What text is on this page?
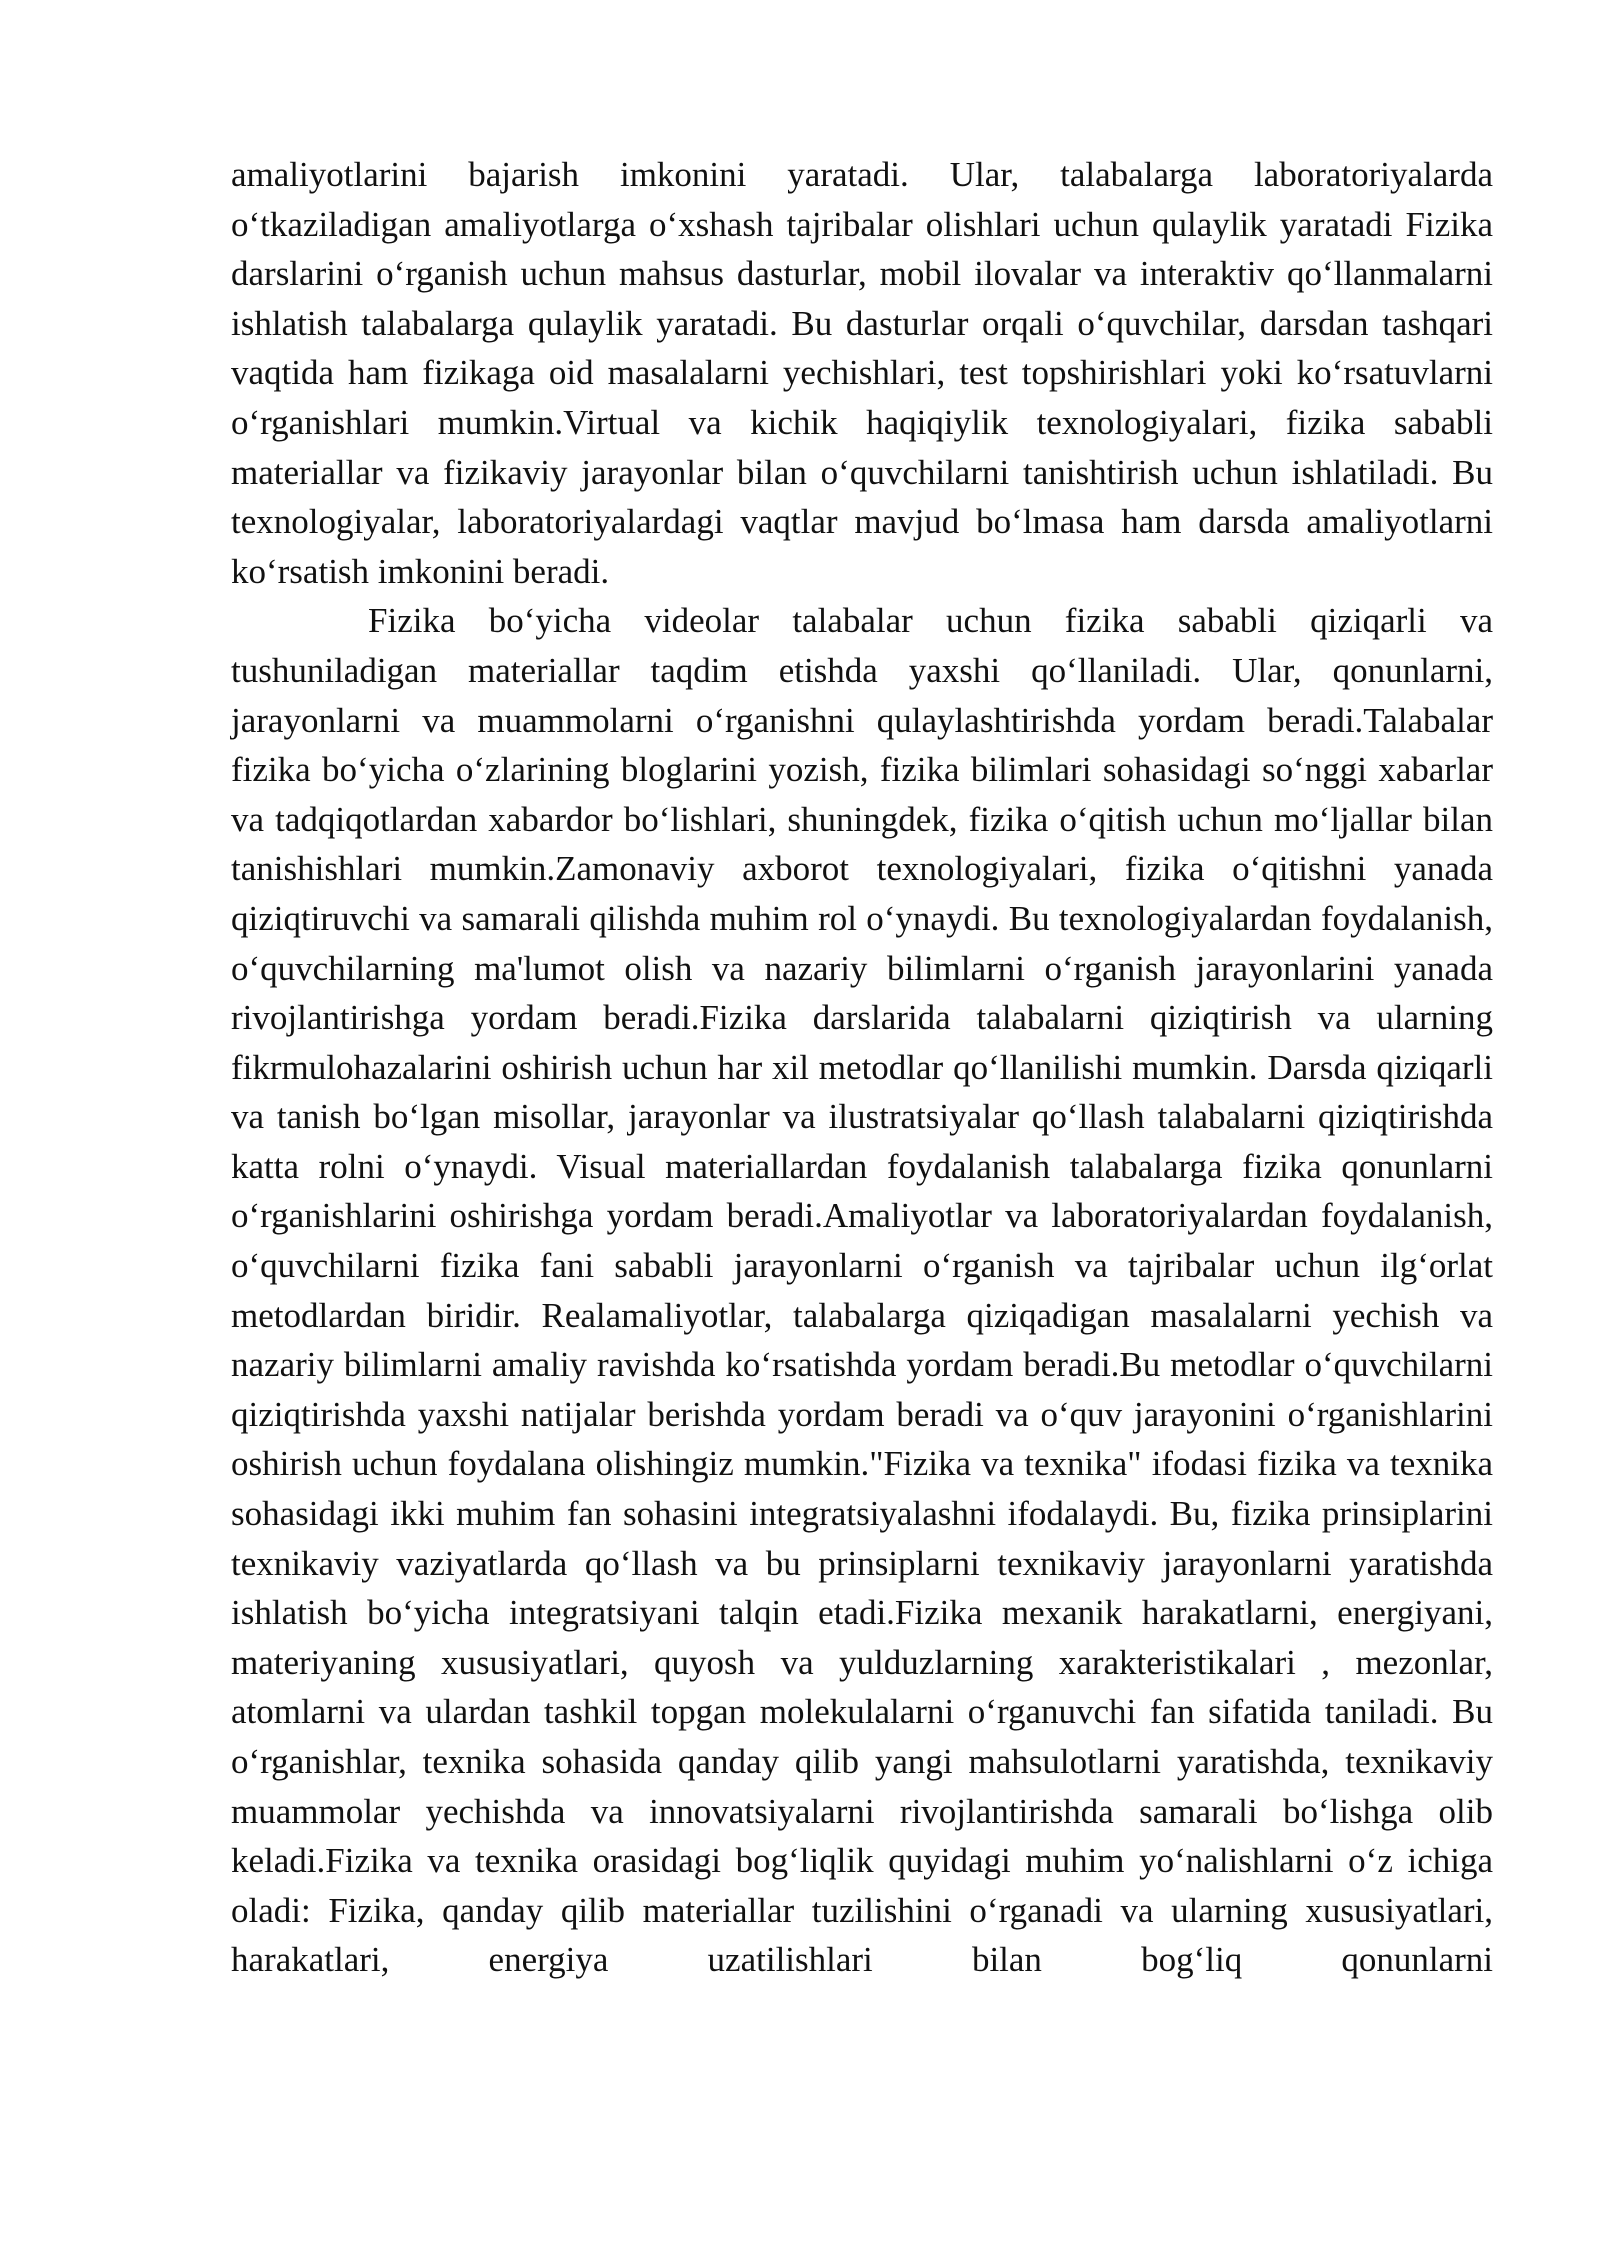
amaliyotlarini bajarish imkonini yaratadi. Ular, talabalarga laboratoriyalarda o‘tkaziladigan amaliyotlarga o‘xshash tajribalar olishlari uchun qulaylik yaratadi Fizika darslarini o‘rganish uchun mahsus dasturlar, mobil ilovalar va interaktiv qo‘llanmalarni ishlatish talabalarga qulaylik yaratadi. Bu dasturlar orqali o‘quvchilar, darsdan tashqari vaqtida ham fizikaga oid masalalarni yechishlari, test topshirishlari yoki ko‘rsatuvlarni o‘rganishlari mumkin.Virtual va kichik haqiqiylik texnologiyalari, fizika sababli materiallar va fizikaviy jarayonlar bilan o‘quvchilarni tanishtirish uchun ishlatiladi. Bu texnologiyalar, laboratoriyalardagi vaqtlar mavjud bo‘lmasa ham darsda amaliyotlarni ko‘rsatish imkonini beradi.

Fizika bo‘yicha videolar talabalar uchun fizika sababli qiziqarli va tushuniladigan materiallar taqdim etishda yaxshi qo‘llaniladi. Ular, qonunlarni, jarayonlarni va muammolarni o‘rganishni qulaylashtirishda yordam beradi.Talabalar fizika bo‘yicha o‘zlarining bloglarini yozish, fizika bilimlari sohasidagi so‘nggi xabarlar va tadqiqotlardan xabardor bo‘lishlari, shuningdek, fizika o‘qitish uchun mo‘ljallar bilan tanishishlari mumkin.Zamonaviy axborot texnologiyalari, fizika o‘qitishni yanada qiziqtiruvchi va samarali qilishda muhim rol o‘ynaydi. Bu texnologiyalardan foydalanish, o‘quvchilarning ma'lumot olish va nazariy bilimlarni o‘rganish jarayonlarini yanada rivojlantirishga yordam beradi.Fizika darslarida talabalarni qiziqtirish va ularning fikrmulohazalarini oshirish uchun har xil metodlar qo‘llanilishi mumkin. Darsda qiziqarli va tanish bo‘lgan misollar, jarayonlar va ilustratsiyalar qo‘llash talabalarni qiziqtirishda katta rolni o‘ynaydi. Visual materiallardan foydalanish talabalarga fizika qonunlarni o‘rganishlarini oshirishga yordam beradi.Amaliyotlar va laboratoriyalardan foydalanish, o‘quvchilarni fizika fani sababli jarayonlarni o‘rganish va tajribalar uchun ilg‘orlat metodlardan biridir. Realamaliyotlar, talabalarga qiziqadigan masalalarni yechish va nazariy bilimlarni amaliy ravishda ko‘rsatishda yordam beradi.Bu metodlar o‘quvchilarni qiziqtirishda yaxshi natijalar berishda yordam beradi va o‘quv jarayonini o‘rganishlarini oshirish uchun foydalana olishingiz mumkin."Fizika va texnika" ifodasi fizika va texnika sohasidagi ikki muhim fan sohasini integratsiyalashni ifodalaydi. Bu, fizika prinsiplarini texnikaviy vaziyatlarda qo‘llash va bu prinsiplarni texnikaviy jarayonlarni yaratishda ishlatish bo‘yicha integratsiyani talqin etadi.Fizika mexanik harakatlarni, energiyani, materiyaning xususiyatlari, quyosh va yulduzlarning xarakteristikalari , mezonlar, atomlarni va ulardan tashkil topgan molekulalarni o‘rganuvchi fan sifatida taniladi. Bu o‘rganishlar, texnika sohasida qanday qilib yangi mahsulotlarni yaratishda, texnikaviy muammolar yechishda va innovatsiyalarni rivojlantirishda samarali bo‘lishga olib keladi.Fizika va texnika orasidagi bog‘liqlik quyidagi muhim yo‘nalishlarni o‘z ichiga oladi: Fizika, qanday qilib materiallar tuzilishini o‘rganadi va ularning xususiyatlari, harakatlari, energiya uzatilishlari bilan bog‘liq qonunlarni
